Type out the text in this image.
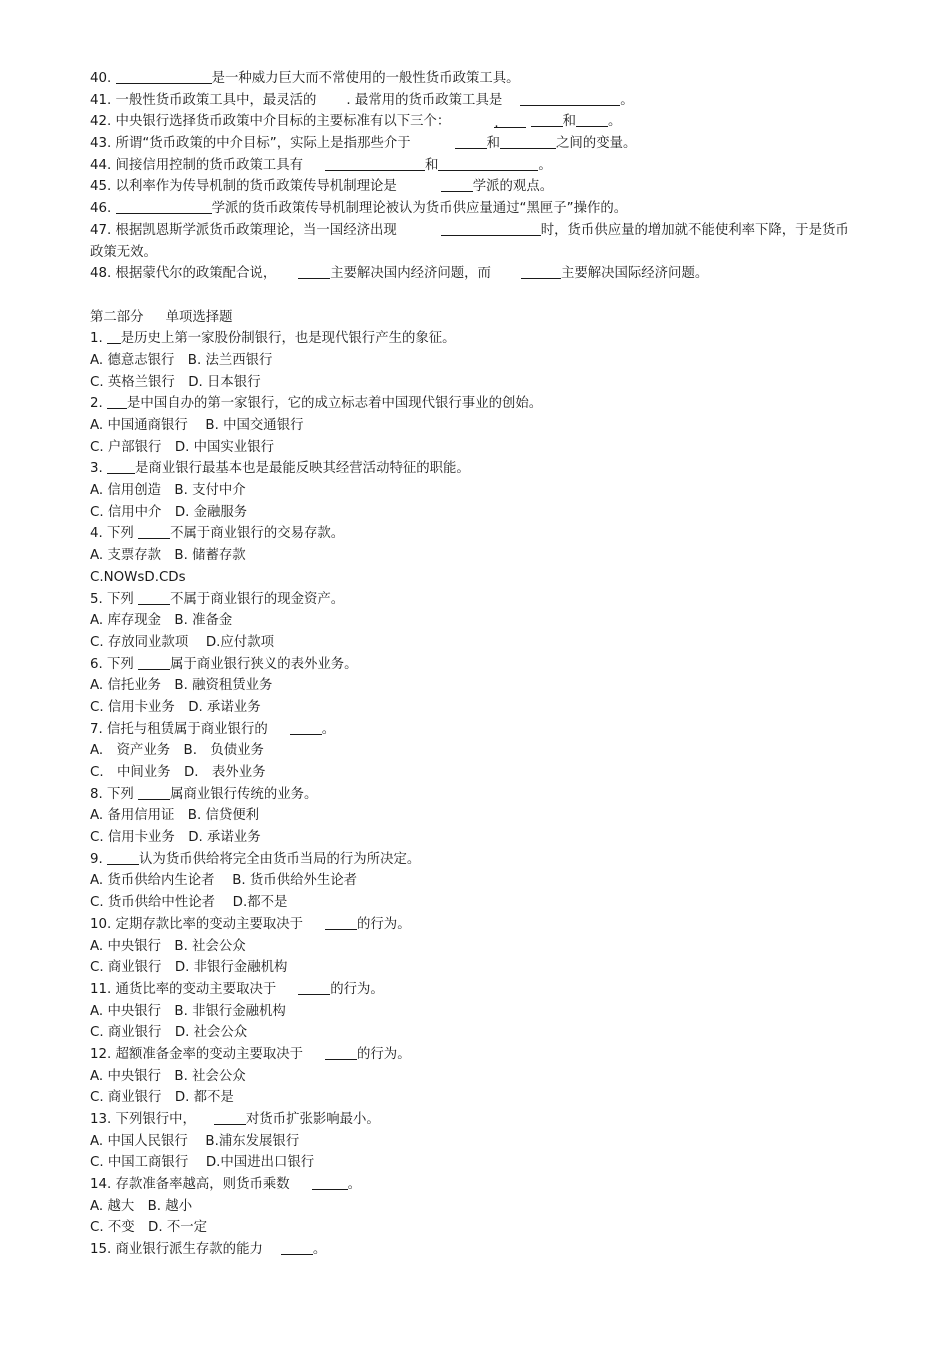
40.	是一种威力巨大而不常使用的一般性货币政策工具。
41. 一般性货币政策工具中，最灵活的 . 最常用的货币政策工具是	。
42. 中央银行选择货币政策中介目标的主要标准有以下三个：	.	和 。
43. 所谓“货币政策的中介目标”，实际上是指那些介于	和	之间的变量。
44. 间接信用控制的货币政策工具有	和	。
45. 以利率作为传导机制的货币政策传导机制理论是	学派的观点。
46.	学派的货币政策传导机制理论被认为货币供应量通过“黑匣子”操作的。
47. 根据凯恩斯学派货币政策理论，当一国经济出现	时，货币供应量的增加就不能使利率下降，于是货币政策无效。
48. 根据蒙代尔的政策配合说，	主要解决国内经济问题，而	主要解决国际经济问题。
第二部分 单项选择题
1. 是历史上第一家股份制银行，也是现代银行产生的象征。
A. 德意志银行　B. 法兰西银行
C. 英格兰银行　D. 日本银行
2. 是中国自办的第一家银行，它的成立标志着中国现代银行事业的创始。
A. 中国通商银行　 B. 中国交通银行
C. 户部银行　D. 中国实业银行
3. 是商业银行最基本也是最能反映其经营活动特征的职能。
A. 信用创造　B. 支付中介
C. 信用中介　D. 金融服务
4. 下列	不属于商业银行的交易存款。
A. 支票存款　B. 储蓄存款
C.NOWsD.CDs
5. 下列	不属于商业银行的现金资产。
A. 库存现金　B. 准备金
C. 存放同业款项　 D.应付款项
6. 下列	属于商业银行狭义的表外业务。
A. 信托业务　B. 融资租赁业务
C. 信用卡业务　D. 承诺业务
7. 信托与租赁属于商业银行的	。
A.　资产业务　B.　负债业务
C.　中间业务　D.　表外业务
8. 下列	属商业银行传统的业务。
A. 备用信用证　B. 信贷便利
C. 信用卡业务　D. 承诺业务
9.	认为货币供给将完全由货币当局的行为所决定。
A. 货币供给内生论者　 B. 货币供给外生论者
C. 货币供给中性论者　 D.都不是
10. 定期存款比率的变动主要取决于	的行为。
A. 中央银行　B. 社会公众
C. 商业银行　D. 非银行金融机构
11. 通货比率的变动主要取决于	的行为。
A. 中央银行　B. 非银行金融机构
C. 商业银行　D. 社会公众
12. 超额准备金率的变动主要取决于	的行为。
A. 中央银行　B. 社会公众
C. 商业银行　D. 都不是
13. 下列银行中，	对货币扩张影响最小。
A. 中国人民银行　 B.浦东发展银行
C. 中国工商银行　 D.中国进出口银行
14. 存款准备率越高，则货币乘数	。
A. 越大　B. 越小
C. 不变　D. 不一定
15. 商业银行派生存款的能力	。
